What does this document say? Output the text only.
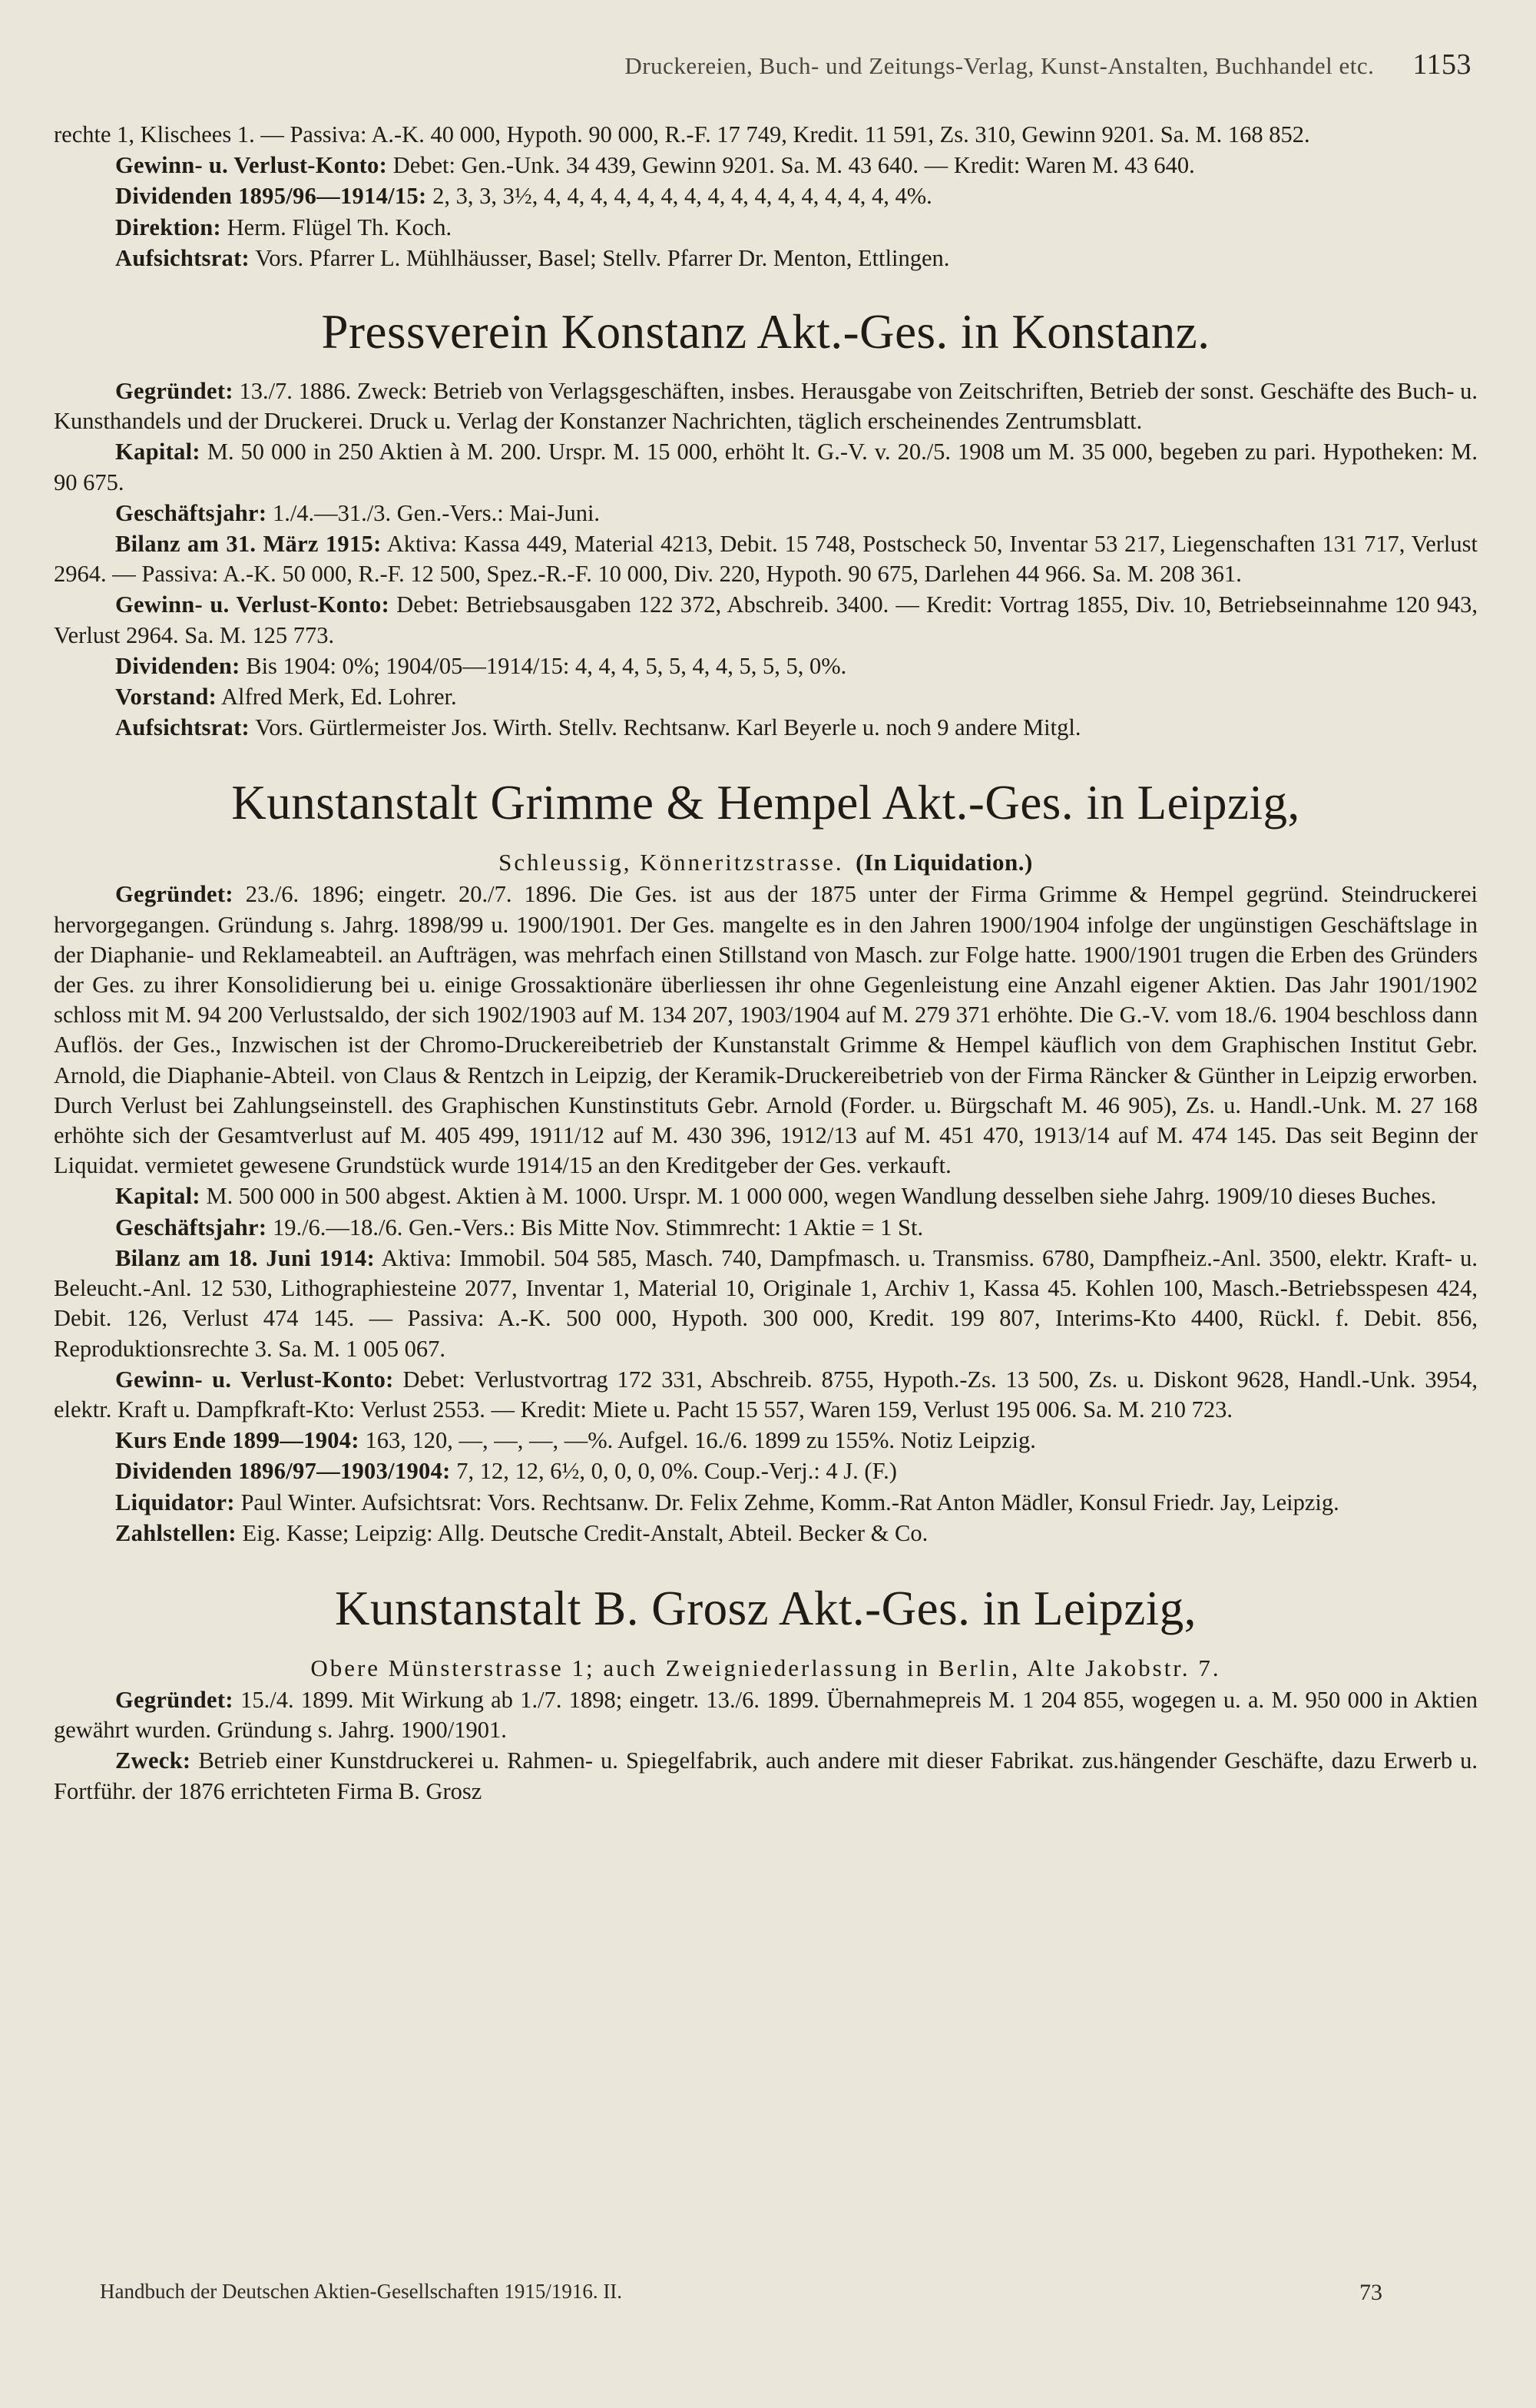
Druckereien, Buch- und Zeitungs-Verlag, Kunst-Anstalten, Buchhandel etc. 1153

rechte 1, Klischees 1. — Passiva: A.-K. 40 000, Hypoth. 90 000, R.-F. 17 749, Kredit. 11 591, Zs. 310, Gewinn 9201. Sa. M. 168 852.

Gewinn- u. Verlust-Konto: Debet: Gen.-Unk. 34 439, Gewinn 9201. Sa. M. 43 640. — Kredit: Waren M. 43 640.

Dividenden 1895/96—1914/15: 2, 3, 3, 3½, 4, 4, 4, 4, 4, 4, 4, 4, 4, 4, 4, 4, 4, 4, 4, 4%.

Direktion: Herm. Flügel Th. Koch.

Aufsichtsrat: Vors. Pfarrer L. Mühlhäusser, Basel; Stellv. Pfarrer Dr. Menton, Ettlingen.

Pressverein Konstanz Akt.-Ges. in Konstanz.

Gegründet: 13./7. 1886. Zweck: Betrieb von Verlagsgeschäften, insbes. Herausgabe von Zeitschriften, Betrieb der sonst. Geschäfte des Buch- u. Kunsthandels und der Druckerei. Druck u. Verlag der Konstanzer Nachrichten, täglich erscheinendes Zentrumsblatt.

Kapital: M. 50 000 in 250 Aktien à M. 200. Urspr. M. 15 000, erhöht lt. G.-V. v. 20./5. 1908 um M. 35 000, begeben zu pari. Hypotheken: M. 90 675.

Geschäftsjahr: 1./4.—31./3. Gen.-Vers.: Mai-Juni.

Bilanz am 31. März 1915: Aktiva: Kassa 449, Material 4213, Debit. 15 748, Postscheck 50, Inventar 53 217, Liegenschaften 131 717, Verlust 2964. — Passiva: A.-K. 50 000, R.-F. 12 500, Spez.-R.-F. 10 000, Div. 220, Hypoth. 90 675, Darlehen 44 966. Sa. M. 208 361.

Gewinn- u. Verlust-Konto: Debet: Betriebsausgaben 122 372, Abschreib. 3400. — Kredit: Vortrag 1855, Div. 10, Betriebseinnahme 120 943, Verlust 2964. Sa. M. 125 773.

Dividenden: Bis 1904: 0%; 1904/05—1914/15: 4, 4, 4, 5, 5, 4, 4, 5, 5, 5, 0%.

Vorstand: Alfred Merk, Ed. Lohrer.

Aufsichtsrat: Vors. Gürtlermeister Jos. Wirth. Stellv. Rechtsanw. Karl Beyerle u. noch 9 andere Mitgl.

Kunstanstalt Grimme & Hempel Akt.-Ges. in Leipzig,

Schleussig, Könneritzstrasse. (In Liquidation.)

Gegründet: 23./6. 1896; eingetr. 20./7. 1896. Die Ges. ist aus der 1875 unter der Firma Grimme & Hempel gegründ. Steindruckerei hervorgegangen. Gründung s. Jahrg. 1898/99 u. 1900/1901. Der Ges. mangelte es in den Jahren 1900/1904 infolge der ungünstigen Geschäftslage in der Diaphanie- und Reklameabteil. an Aufträgen, was mehrfach einen Stillstand von Masch. zur Folge hatte. 1900/1901 trugen die Erben des Gründers der Ges. zu ihrer Konsolidierung bei u. einige Grossaktionäre überliessen ihr ohne Gegenleistung eine Anzahl eigener Aktien. Das Jahr 1901/1902 schloss mit M. 94 200 Verlustsaldo, der sich 1902/1903 auf M. 134 207, 1903/1904 auf M. 279 371 erhöhte. Die G.-V. vom 18./6. 1904 beschloss dann Auflös. der Ges., Inzwischen ist der Chromo-Druckereibetrieb der Kunstanstalt Grimme & Hempel käuflich von dem Graphischen Institut Gebr. Arnold, die Diaphanie-Abteil. von Claus & Rentzch in Leipzig, der Keramik-Druckereibetrieb von der Firma Räncker & Günther in Leipzig erworben. Durch Verlust bei Zahlungseinstell. des Graphischen Kunstinstituts Gebr. Arnold (Forder. u. Bürgschaft M. 46 905), Zs. u. Handl.-Unk. M. 27 168 erhöhte sich der Gesamtverlust auf M. 405 499, 1911/12 auf M. 430 396, 1912/13 auf M. 451 470, 1913/14 auf M. 474 145. Das seit Beginn der Liquidat. vermietet gewesene Grundstück wurde 1914/15 an den Kreditgeber der Ges. verkauft.

Kapital: M. 500 000 in 500 abgest. Aktien à M. 1000. Urspr. M. 1 000 000, wegen Wandlung desselben siehe Jahrg. 1909/10 dieses Buches.

Geschäftsjahr: 19./6.—18./6. Gen.-Vers.: Bis Mitte Nov. Stimmrecht: 1 Aktie = 1 St.

Bilanz am 18. Juni 1914: Aktiva: Immobil. 504 585, Masch. 740, Dampfmasch. u. Transmiss. 6780, Dampfheiz.-Anl. 3500, elektr. Kraft- u. Beleucht.-Anl. 12 530, Lithographiesteine 2077, Inventar 1, Material 10, Originale 1, Archiv 1, Kassa 45. Kohlen 100, Masch.-Betriebsspesen 424, Debit. 126, Verlust 474 145. — Passiva: A.-K. 500 000, Hypoth. 300 000, Kredit. 199 807, Interims-Kto 4400, Rückl. f. Debit. 856, Reproduktionsrechte 3. Sa. M. 1 005 067.

Gewinn- u. Verlust-Konto: Debet: Verlustvortrag 172 331, Abschreib. 8755, Hypoth.-Zs. 13 500, Zs. u. Diskont 9628, Handl.-Unk. 3954, elektr. Kraft u. Dampfkraft-Kto: Verlust 2553. — Kredit: Miete u. Pacht 15 557, Waren 159, Verlust 195 006. Sa. M. 210 723.

Kurs Ende 1899—1904: 163, 120, —, —, —, —%. Aufgel. 16./6. 1899 zu 155%. Notiz Leipzig.

Dividenden 1896/97—1903/1904: 7, 12, 12, 6½, 0, 0, 0, 0%. Coup.-Verj.: 4 J. (F.)

Liquidator: Paul Winter. Aufsichtsrat: Vors. Rechtsanw. Dr. Felix Zehme, Komm.-Rat Anton Mädler, Konsul Friedr. Jay, Leipzig.

Zahlstellen: Eig. Kasse; Leipzig: Allg. Deutsche Credit-Anstalt, Abteil. Becker & Co.

Kunstanstalt B. Grosz Akt.-Ges. in Leipzig,

Obere Münsterstrasse 1; auch Zweigniederlassung in Berlin, Alte Jakobstr. 7.

Gegründet: 15./4. 1899. Mit Wirkung ab 1./7. 1898; eingetr. 13./6. 1899. Übernahmepreis M. 1 204 855, wogegen u. a. M. 950 000 in Aktien gewährt wurden. Gründung s. Jahrg. 1900/1901.

Zweck: Betrieb einer Kunstdruckerei u. Rahmen- u. Spiegelfabrik, auch andere mit dieser Fabrikat. zus.hängender Geschäfte, dazu Erwerb u. Fortführ. der 1876 errichteten Firma B. Grosz

Handbuch der Deutschen Aktien-Gesellschaften 1915/1916. II.	73
